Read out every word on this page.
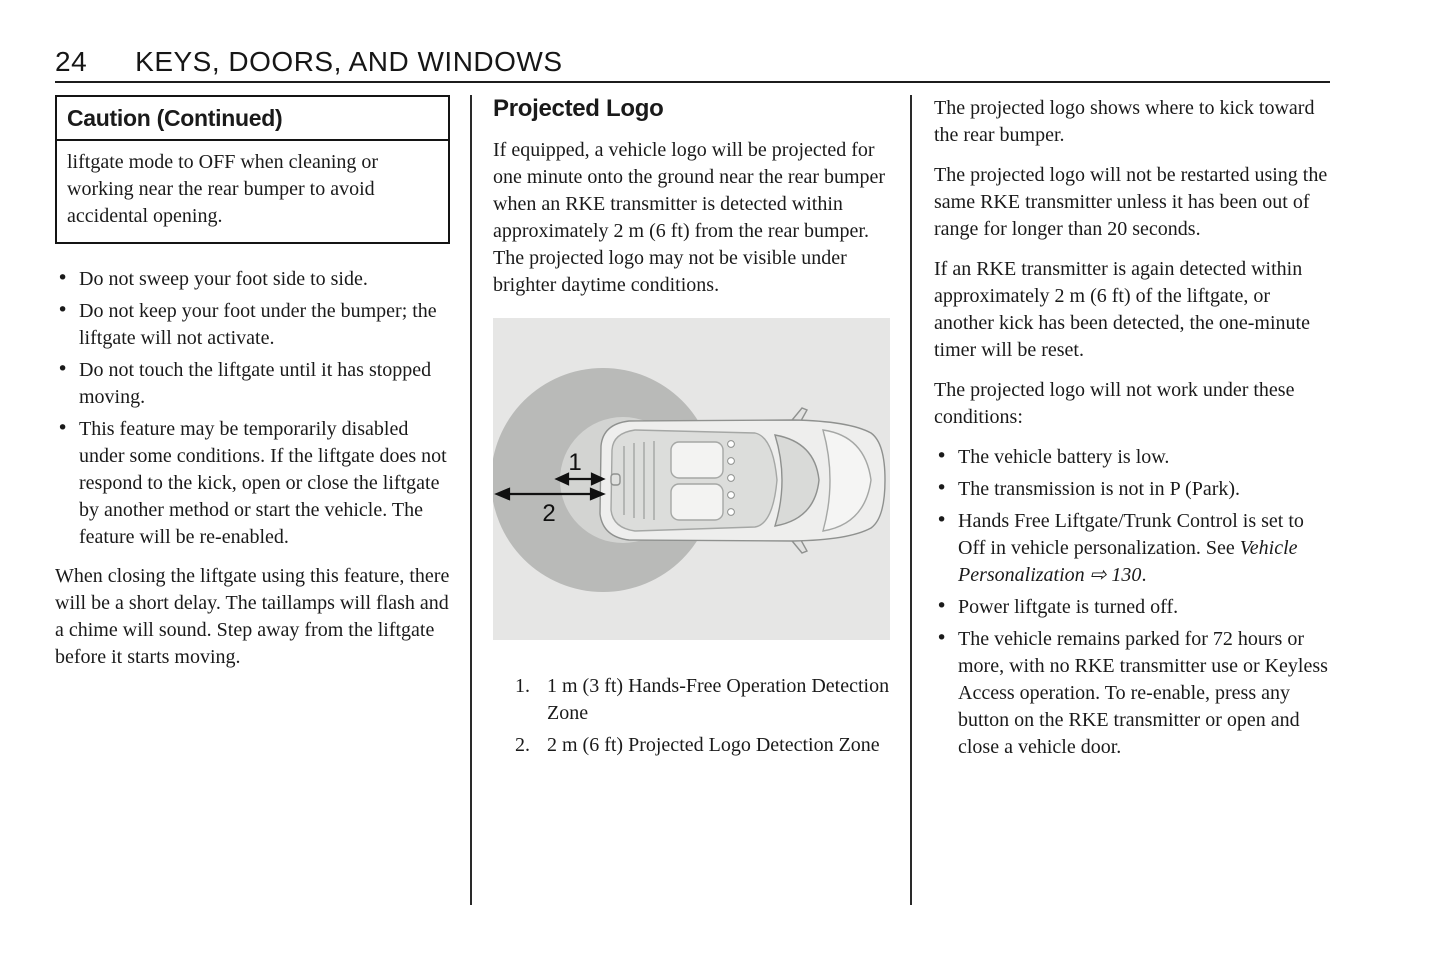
24 KEYS, DOORS, AND WINDOWS
Caution (Continued)
liftgate mode to OFF when cleaning or working near the rear bumper to avoid accidental opening.
• Do not sweep your foot side to side.
• Do not keep your foot under the bumper; the liftgate will not activate.
• Do not touch the liftgate until it has stopped moving.
• This feature may be temporarily disabled under some conditions. If the liftgate does not respond to the kick, open or close the liftgate by another method or start the vehicle. The feature will be re-enabled.

When closing the liftgate using this feature, there will be a short delay. The taillamps will flash and a chime will sound. Step away from the liftgate before it starts moving.

Projected Logo

If equipped, a vehicle logo will be projected for one minute onto the ground near the rear bumper when an RKE transmitter is detected within approximately 2 m (6 ft) from the rear bumper. The projected logo may not be visible under brighter daytime conditions.

1
2
1. 1 m (3 ft) Hands-Free Operation Detection Zone
2. 2 m (6 ft) Projected Logo Detection Zone

The projected logo shows where to kick toward the rear bumper.

The projected logo will not be restarted using the same RKE transmitter unless it has been out of range for longer than 20 seconds.

If an RKE transmitter is again detected within approximately 2 m (6 ft) of the liftgate, or another kick has been detected, the one-minute timer will be reset.

The projected logo will not work under these conditions:

• The vehicle battery is low.
• The transmission is not in P (Park).
• Hands Free Liftgate/Trunk Control is set to Off in vehicle personalization. See Vehicle Personalization ⇨ 130.
• Power liftgate is turned off.
• The vehicle remains parked for 72 hours or more, with no RKE transmitter use or Keyless Access operation. To re-enable, press any button on the RKE transmitter or open and close a vehicle door.
